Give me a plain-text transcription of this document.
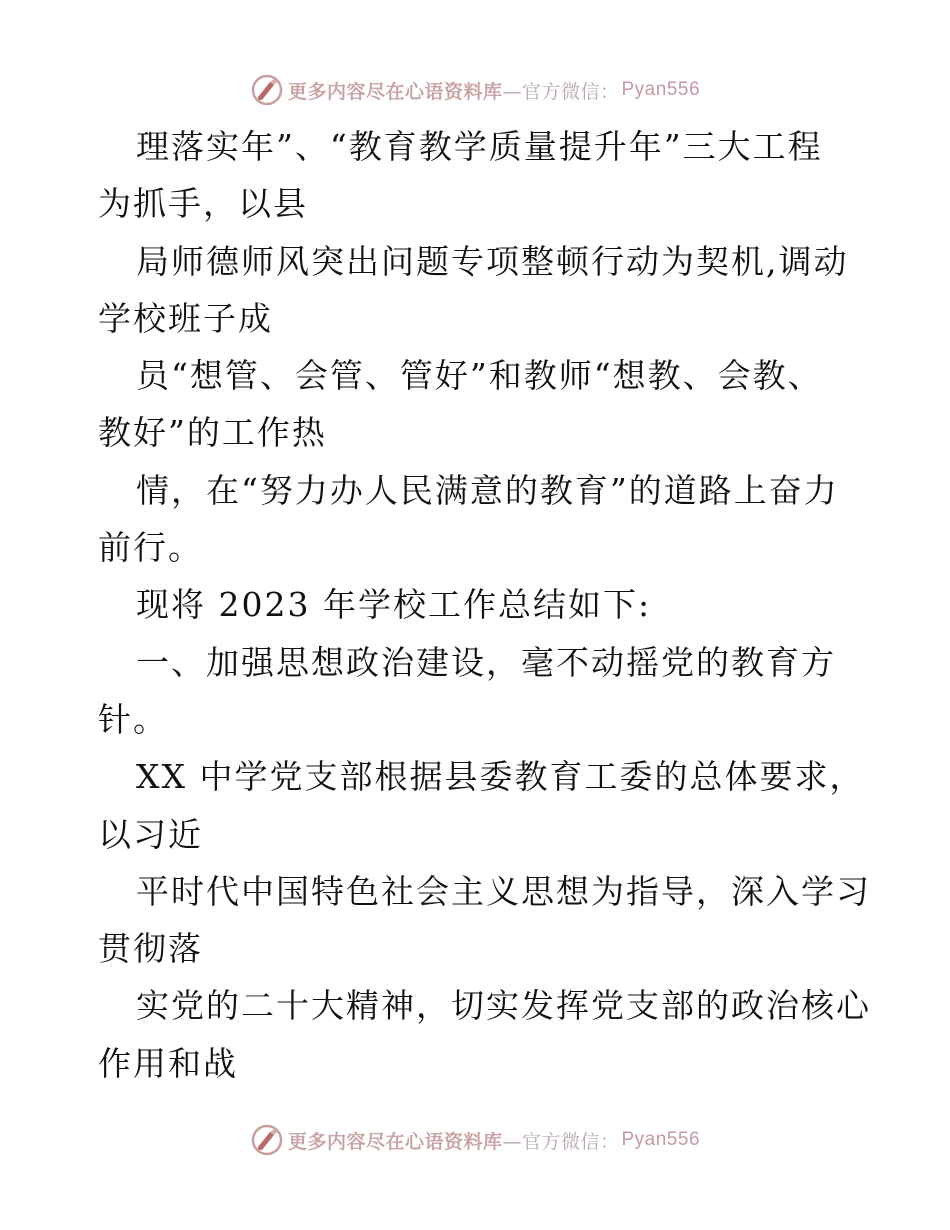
更多内容尽在心语资料库 —官方微信： Pyan556
理落实年”、“教育教学质量提升年”三大工程
为抓手，以县
局师德师风突出问题专项整顿行动为契机,调动
学校班子成
员“想管、会管、管好”和教师“想教、会教、
教好”的工作热
情，在“努力办人民满意的教育”的道路上奋力
前行。
现将 2023 年学校工作总结如下:
一、加强思想政治建设，毫不动摇党的教育方
针。
XX 中学党支部根据县委教育工委的总体要求，
以习近
平时代中国特色社会主义思想为指导，深入学习
贯彻落
实党的二十大精神，切实发挥党支部的政治核心
作用和战
更多内容尽在心语资料库 —官方微信： Pyan556
